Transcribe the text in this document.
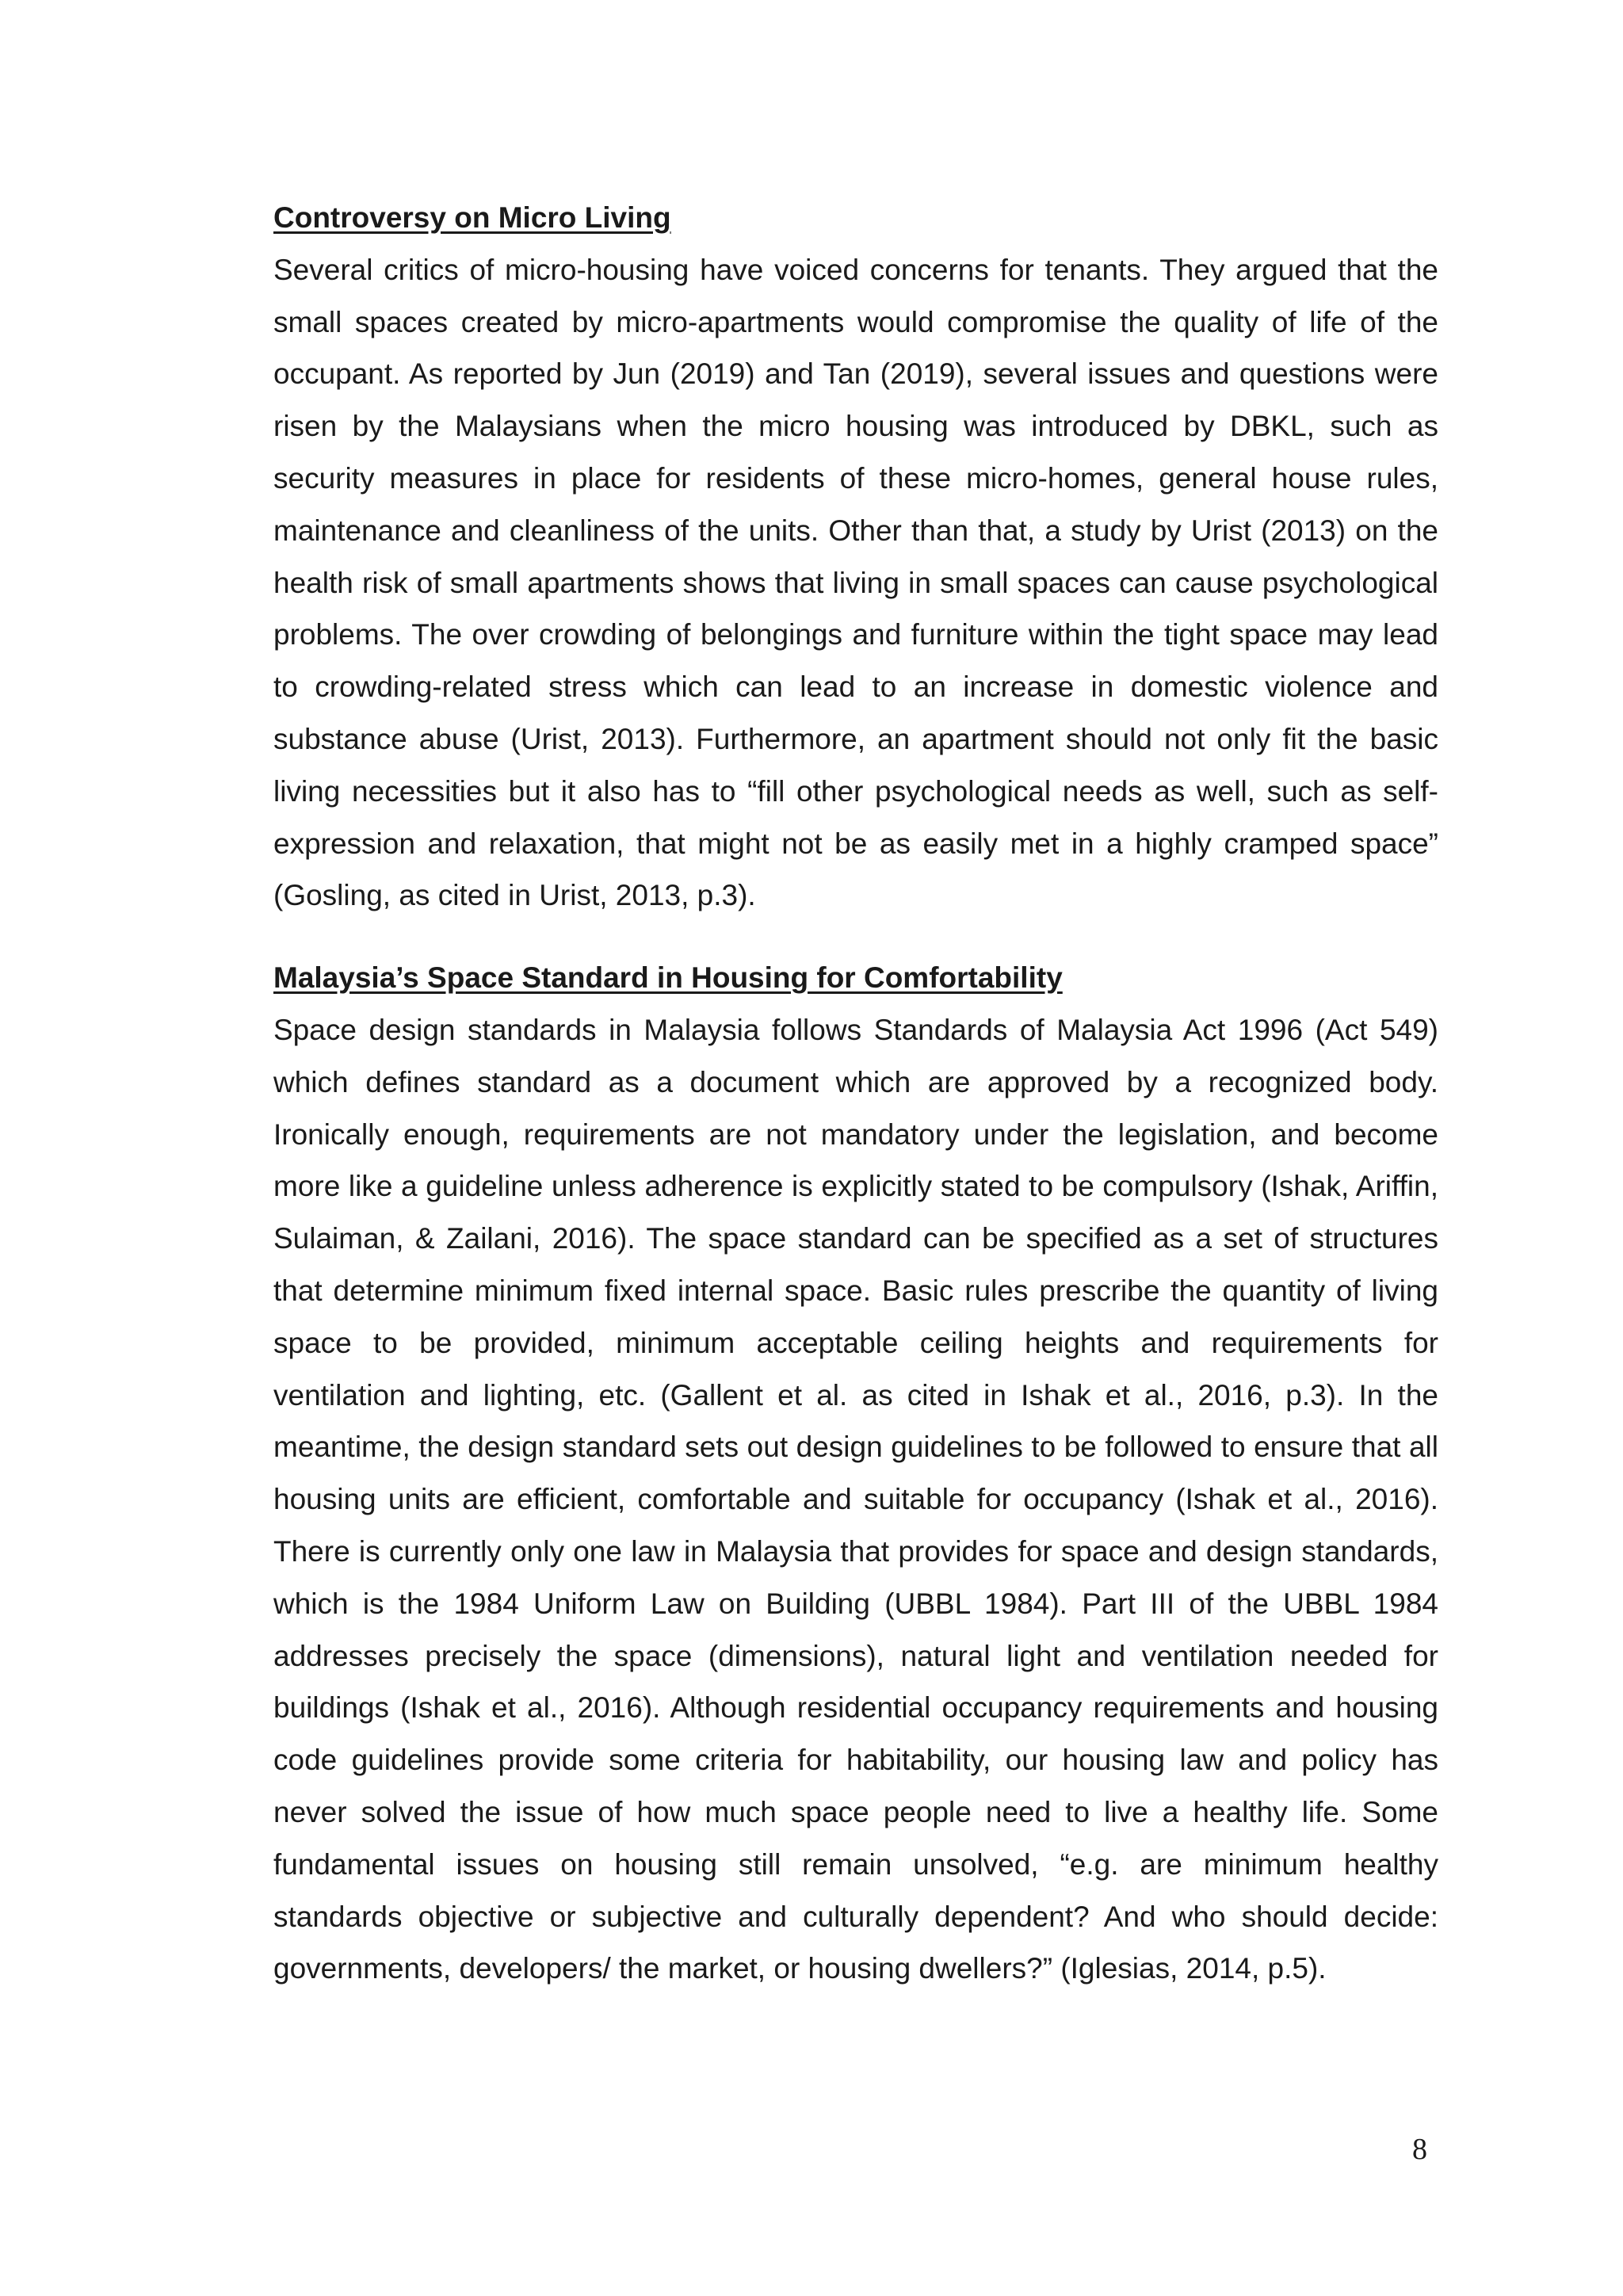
Controversy on Micro Living

Several critics of micro-housing have voiced concerns for tenants. They argued that the small spaces created by micro-apartments would compromise the quality of life of the occupant. As reported by Jun (2019) and Tan (2019), several issues and questions were risen by the Malaysians when the micro housing was introduced by DBKL, such as security measures in place for residents of these micro-homes, general house rules, maintenance and cleanliness of the units. Other than that, a study by Urist (2013) on the health risk of small apartments shows that living in small spaces can cause psychological problems. The over crowding of belongings and furniture within the tight space may lead to crowding-related stress which can lead to an increase in domestic violence and substance abuse (Urist, 2013). Furthermore, an apartment should not only fit the basic living necessities but it also has to “fill other psychological needs as well, such as self-expression and relaxation, that might not be as easily met in a highly cramped space” (Gosling, as cited in Urist, 2013, p.3).

Malaysia’s Space Standard in Housing for Comfortability

Space design standards in Malaysia follows Standards of Malaysia Act 1996 (Act 549) which defines standard as a document which are approved by a recognized body. Ironically enough, requirements are not mandatory under the legislation, and become more like a guideline unless adherence is explicitly stated to be compulsory (Ishak, Ariffin, Sulaiman, & Zailani, 2016). The space standard can be specified as a set of structures that determine minimum fixed internal space. Basic rules prescribe the quantity of living space to be provided, minimum acceptable ceiling heights and requirements for ventilation and lighting, etc. (Gallent et al. as cited in Ishak et al., 2016, p.3). In the meantime, the design standard sets out design guidelines to be followed to ensure that all housing units are efficient, comfortable and suitable for occupancy (Ishak et al., 2016). There is currently only one law in Malaysia that provides for space and design standards, which is the 1984 Uniform Law on Building (UBBL 1984). Part III of the UBBL 1984 addresses precisely the space (dimensions), natural light and ventilation needed for buildings (Ishak et al., 2016). Although residential occupancy requirements and housing code guidelines provide some criteria for habitability, our housing law and policy has never solved the issue of how much space people need to live a healthy life. Some fundamental issues on housing still remain unsolved, “e.g. are minimum healthy standards objective or subjective and culturally dependent? And who should decide: governments, developers/ the market, or housing dwellers?” (Iglesias, 2014, p.5).

8
